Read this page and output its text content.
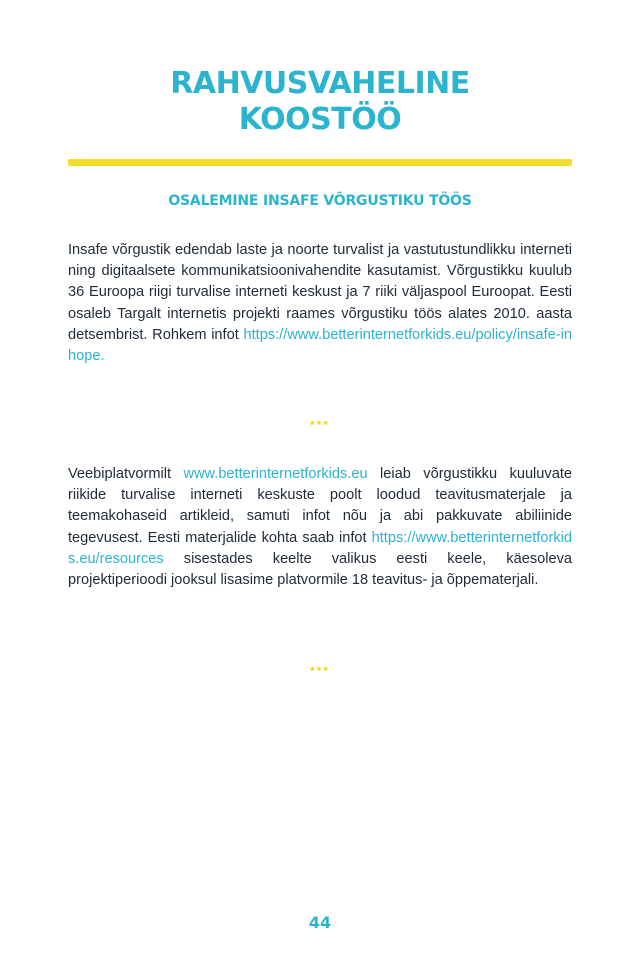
RAHVUSVAHELINE
KOOSTÖÖ
OSALEMINE INSAFE VÕRGUSTIKU TÖÖS

Insafe võrgustik edendab laste ja noorte turvalist ja vastutustundlikku interneti ning digitaalsete kommunikatsioonivahendite kasutamist. Võrgustikku kuulub 36 Euroopa riigi turvalise interneti keskust ja 7 riiki väljaspool Euroopat. Eesti osaleb Targalt internetis projekti raames võrgustiku töös alates 2010. aasta detsembrist. Rohkem infot https://www.betterinternetforkids.eu/policy/insafe-inhope.

***

Veebiplatvormilt www.betterinternetforkids.eu leiab võrgustikku kuuluvate riikide turvalise interneti keskuste poolt loodud teavitusmaterjale ja teemakohaseid artikleid, samuti infot nõu ja abi pakkuvate abiliinide tegevusest. Eesti materjalide kohta saab infot https://www.betterinternetforkids.eu/resources sisestades keelte valikus eesti keele, käesoleva projektiperioodi jooksul lisasime platvormile 18 teavitus- ja õppematerjali.

***
44
